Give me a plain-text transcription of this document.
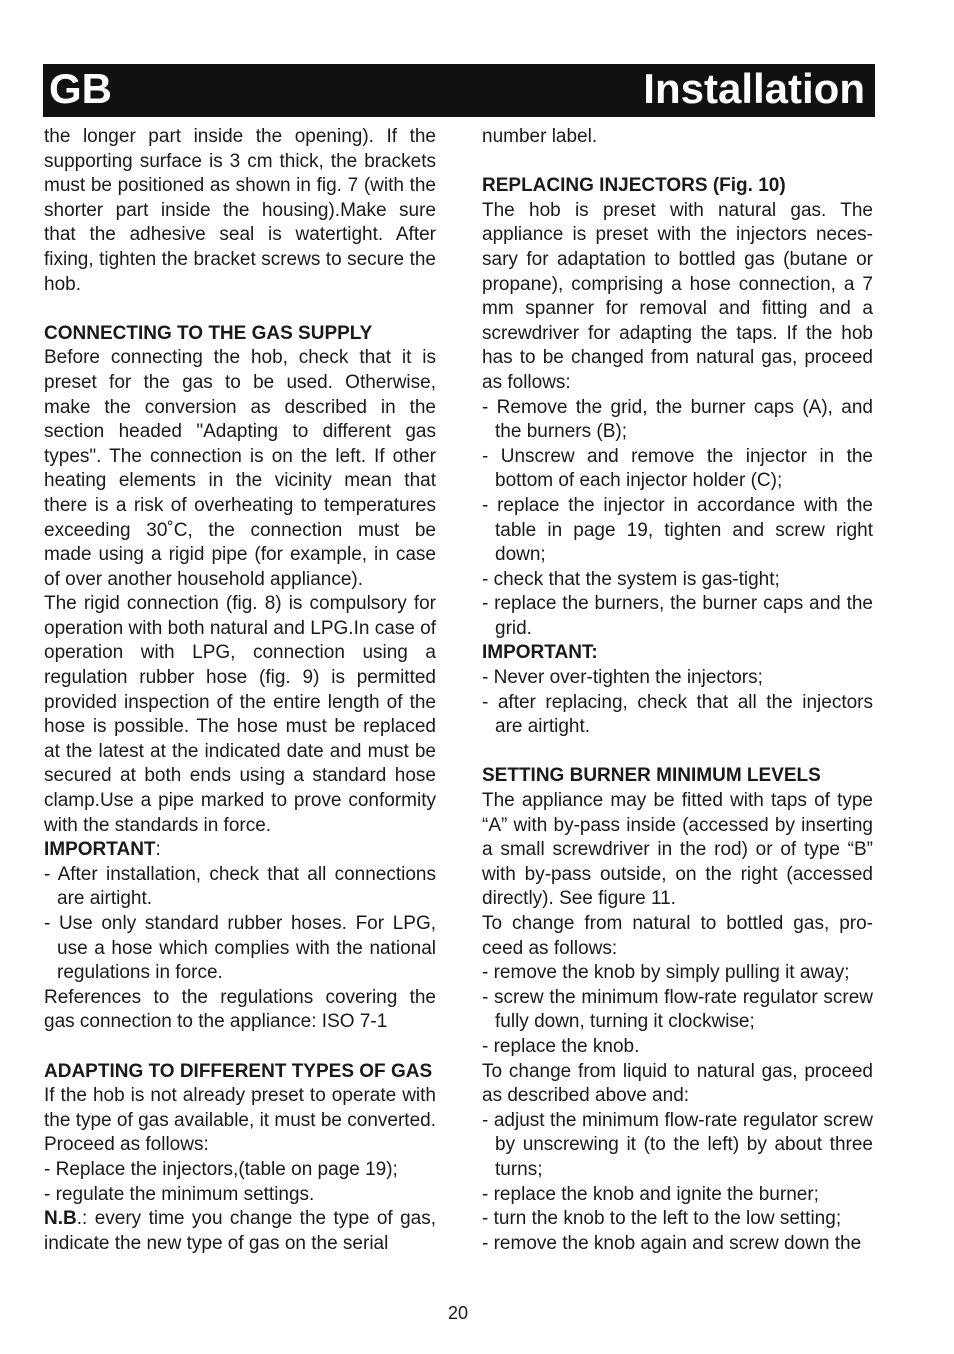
GB	Installation

the longer part inside the opening). If the supporting surface is 3 cm thick, the brackets must be positioned as shown in fig. 7 (with the shorter part inside the housing).Make sure that the adhesive seal is watertight. After fixing, tighten the bracket screws to secure the hob.

CONNECTING TO THE GAS SUPPLY

Before connecting the hob, check that it is preset for the gas to be used. Otherwise, make the conversion as described in the section headed "Adapting to different gas types". The connection is on the left. If other heating elements in the vicinity mean that there is a risk of overheating to temperatures exceeding 30˚C, the connection must be made using a rigid pipe (for example, in case of over another household appliance).

The rigid connection (fig. 8) is compulsory for operation with both natural and LPG.In case of operation with LPG, connection using a regulation rubber hose (fig. 9) is permitted provided inspection of the entire length of the hose is possible. The hose must be replaced at the latest at the indicated date and must be secured at both ends using a standard hose clamp.Use a pipe marked to prove conformity with the standards in force.

IMPORTANT:

- After installation, check that all connections are airtight.
- Use only standard rubber hoses. For LPG, use a hose which complies with the national regulations in force.

References to the regulations covering the gas connection to the appliance: ISO 7-1

ADAPTING TO DIFFERENT TYPES OF GAS

If the hob is not already preset to operate with the type of gas available, it must be converted. Proceed as follows:

- Replace the injectors,(table on page 19);
- regulate the minimum settings.

N.B.: every time you change the type of gas, indicate the new type of gas on the serial

number label.

REPLACING INJECTORS (Fig. 10)

The hob is preset with natural gas. The appliance is preset with the injectors neces-sary for adaptation to bottled gas (butane or propane), comprising a hose connection, a 7 mm spanner for removal and fitting and a screwdriver for adapting the taps. If the hob has to be changed from natural gas, proceed as follows:

- Remove the grid, the burner caps (A), and the burners (B);
- Unscrew and remove the injector in the bottom of each injector holder (C);
- replace the injector in accordance with the table in page 19, tighten and screw right down;
- check that the system is gas-tight;
- replace the burners, the burner caps and the grid.

IMPORTANT:

- Never over-tighten the injectors;
- after replacing, check that all the injectors are airtight.

SETTING BURNER MINIMUM LEVELS

The appliance may be fitted with taps of type “A” with by-pass inside (accessed by inserting a small screwdriver in the rod) or of type “B” with by-pass outside, on the right (accessed directly). See figure 11.

To change from natural to bottled gas, pro-ceed as follows:

- remove the knob by simply pulling it away;
- screw the minimum flow-rate regulator screw fully down, turning it clockwise;
- replace the knob.

To change from liquid to natural gas, proceed as described above and:

- adjust the minimum flow-rate regulator screw by unscrewing it (to the left) by about three turns;
- replace the knob and ignite the burner;
- turn the knob to the left to the low setting;
- remove the knob again and screw down the
20
